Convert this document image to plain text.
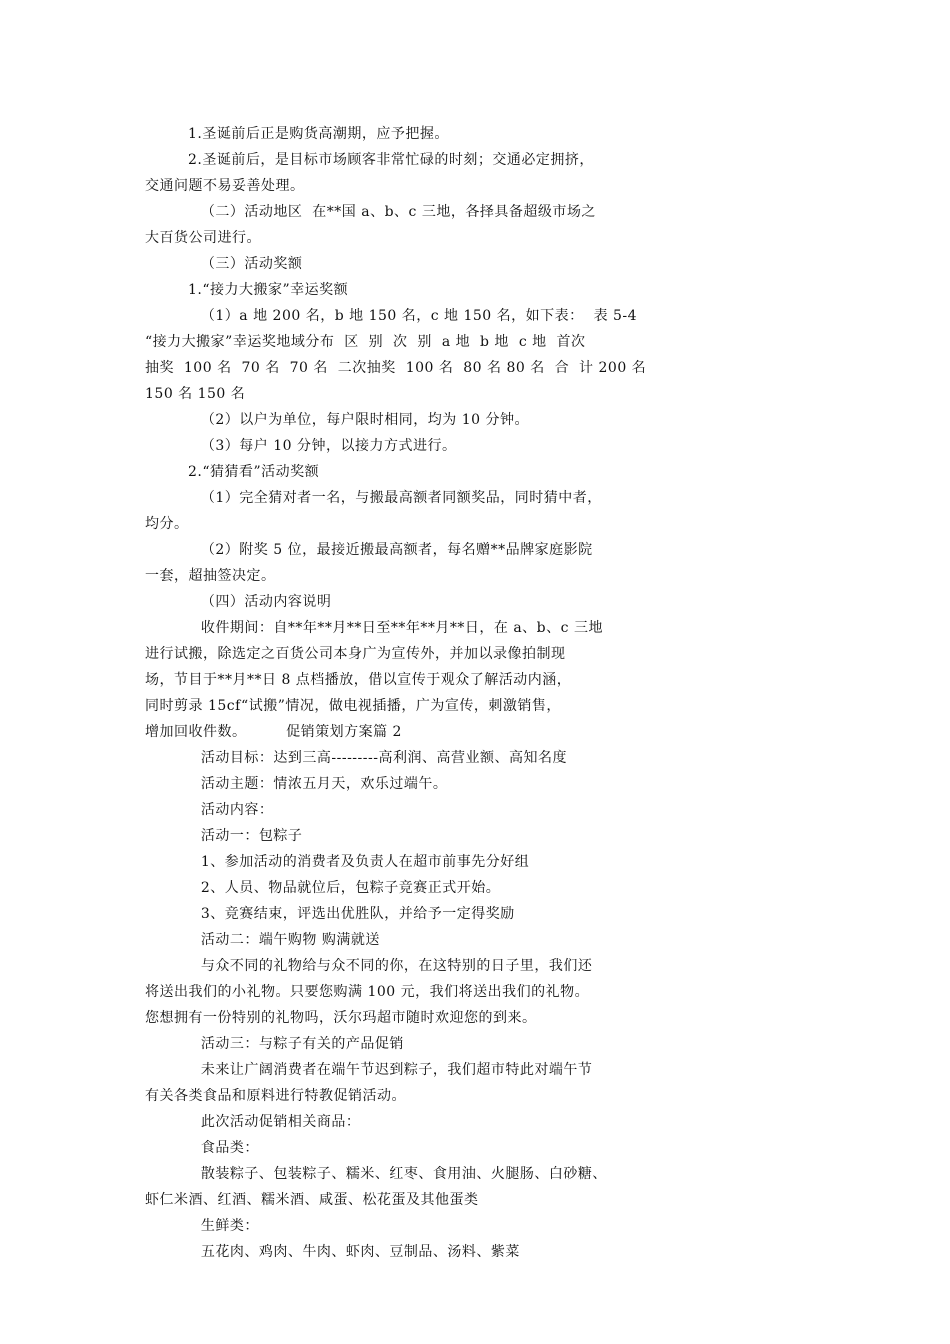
1.圣诞前后正是购货高潮期，应予把握。
2.圣诞前后，是目标市场顾客非常忙碌的时刻；交通必定拥挤，
交通问题不易妥善处理。
（二）活动地区  在**国 a、b、c 三地，各择具备超级市场之
大百货公司进行。
（三）活动奖额
1.“接力大搬家”幸运奖额
（1）a 地 200 名，b 地 150 名，c 地 150 名，如下表：  表 5-4
“接力大搬家”幸运奖地域分布  区  别  次  别  a 地  b 地  c 地  首次
抽奖  100 名  70 名  70 名  二次抽奖  100 名  80 名 80 名  合  计 200 名
150 名 150 名
（2）以户为单位，每户限时相同，均为 10 分钟。
（3）每户 10 分钟，以接力方式进行。
2.“猜猜看”活动奖额
（1）完全猜对者一名，与搬最高额者同额奖品，同时猜中者，
均分。
（2）附奖 5 位，最接近搬最高额者，每名赠**品牌家庭影院
一套，超抽签决定。
（四）活动内容说明
收件期间：自**年**月**日至**年**月**日，在 a、b、c 三地
进行试搬，除选定之百货公司本身广为宣传外，并加以录像拍制现
场，节目于**月**日 8 点档播放，借以宣传于观众了解活动内涵，
同时剪录 15cf“试搬”情况，做电视插播，广为宣传，刺激销售，
增加回收件数。        促销策划方案篇 2
活动目标：达到三高---------高利润、高营业额、高知名度
活动主题：情浓五月天，欢乐过端午。
活动内容：
活动一：包粽子
1、参加活动的消费者及负责人在超市前事先分好组
2、人员、物品就位后，包粽子竞赛正式开始。
3、竞赛结束，评选出优胜队，并给予一定得奖励
活动二：端午购物 购满就送
与众不同的礼物给与众不同的你，在这特别的日子里，我们还
将送出我们的小礼物。只要您购满 100 元，我们将送出我们的礼物。
您想拥有一份特别的礼物吗，沃尔玛超市随时欢迎您的到来。
活动三：与粽子有关的产品促销
未来让广阔消费者在端午节迟到粽子，我们超市特此对端午节
有关各类食品和原料进行特教促销活动。
此次活动促销相关商品：
食品类：
散装粽子、包装粽子、糯米、红枣、食用油、火腿肠、白砂糖、
虾仁米酒、红酒、糯米酒、咸蛋、松花蛋及其他蛋类
生鲜类：
五花肉、鸡肉、牛肉、虾肉、豆制品、汤料、紫菜
